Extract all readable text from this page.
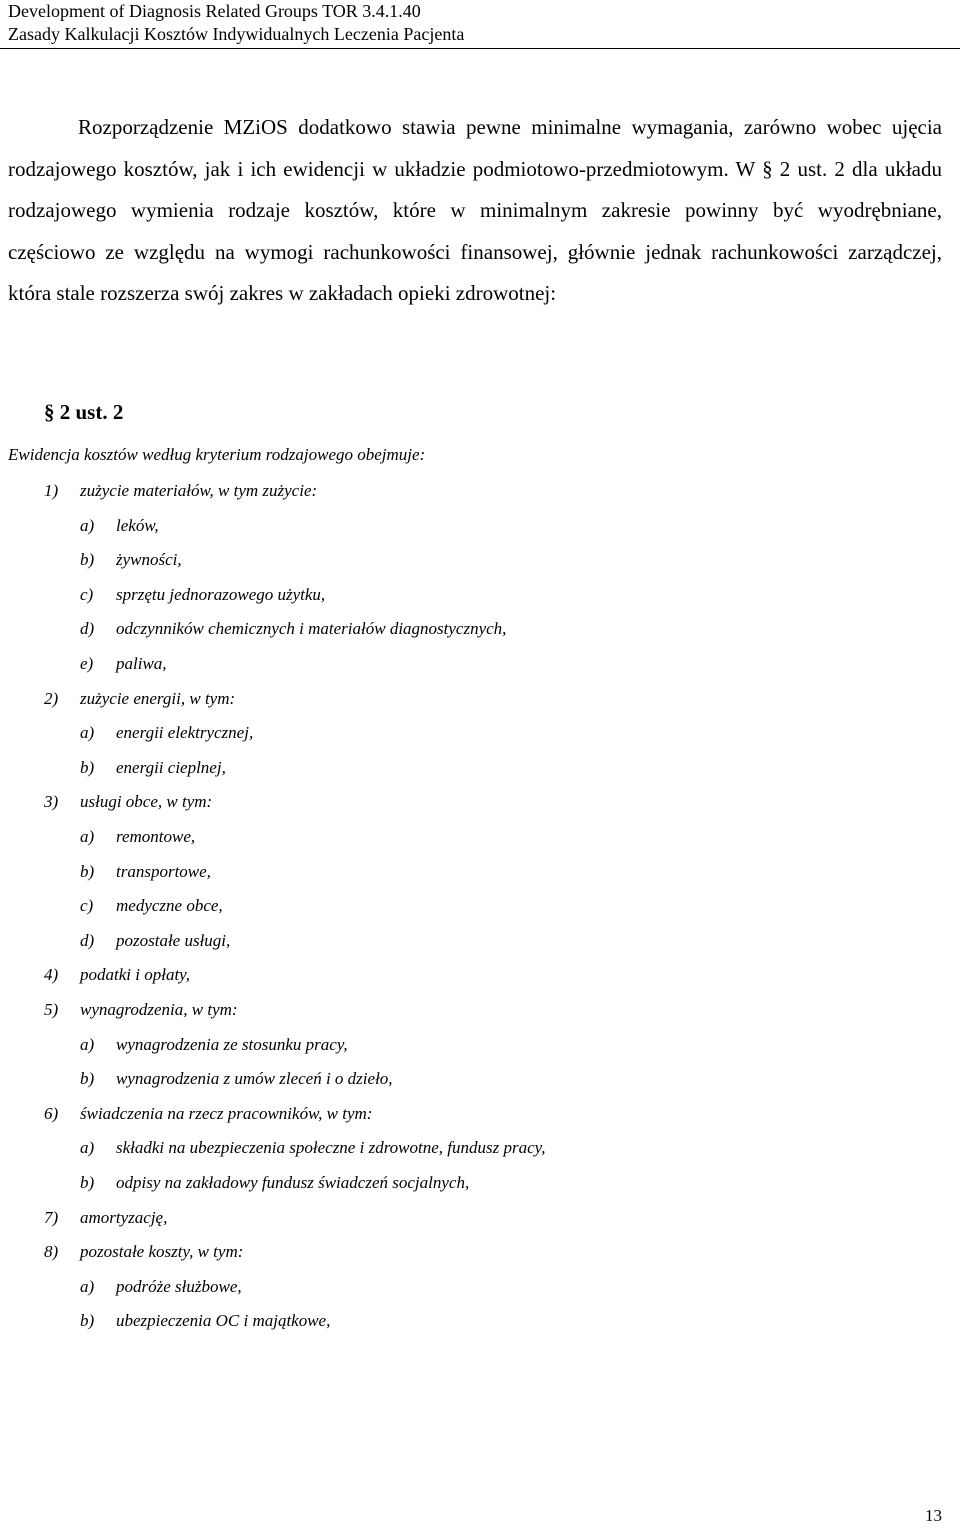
Development of Diagnosis Related Groups TOR 3.4.1.40
Zasady Kalkulacji Kosztów Indywidualnych Leczenia Pacjenta

Rozporządzenie MZiOS dodatkowo stawia pewne minimalne wymagania, zarówno wobec ujęcia rodzajowego kosztów, jak i ich ewidencji w układzie podmiotowo-przedmiotowym. W § 2 ust. 2 dla układu rodzajowego wymienia rodzaje kosztów, które w minimalnym zakresie powinny być wyodrębniane, częściowo ze względu na wymogi rachunkowości finansowej, głównie jednak rachunkowości zarządczej, która stale rozszerza swój zakres w zakładach opieki zdrowotnej:

§ 2 ust. 2
Ewidencja kosztów według kryterium rodzajowego obejmuje:
1) zużycie materiałów, w tym zużycie:
a) leków,
b) żywności,
c) sprzętu jednorazowego użytku,
d) odczynników chemicznych i materiałów diagnostycznych,
e) paliwa,
2) zużycie energii, w tym:
a) energii elektrycznej,
b) energii cieplnej,
3) usługi obce, w tym:
a) remontowe,
b) transportowe,
c) medyczne obce,
d) pozostałe usługi,
4) podatki i opłaty,
5) wynagrodzenia, w tym:
a) wynagrodzenia ze stosunku pracy,
b) wynagrodzenia z umów zleceń i o dzieło,
6) świadczenia na rzecz pracowników, w tym:
a) składki na ubezpieczenia społeczne i zdrowotne, fundusz pracy,
b) odpisy na zakładowy fundusz świadczeń socjalnych,
7) amortyzację,
8) pozostałe koszty, w tym:
a) podróże służbowe,
b) ubezpieczenia OC i majątkowe,
13
